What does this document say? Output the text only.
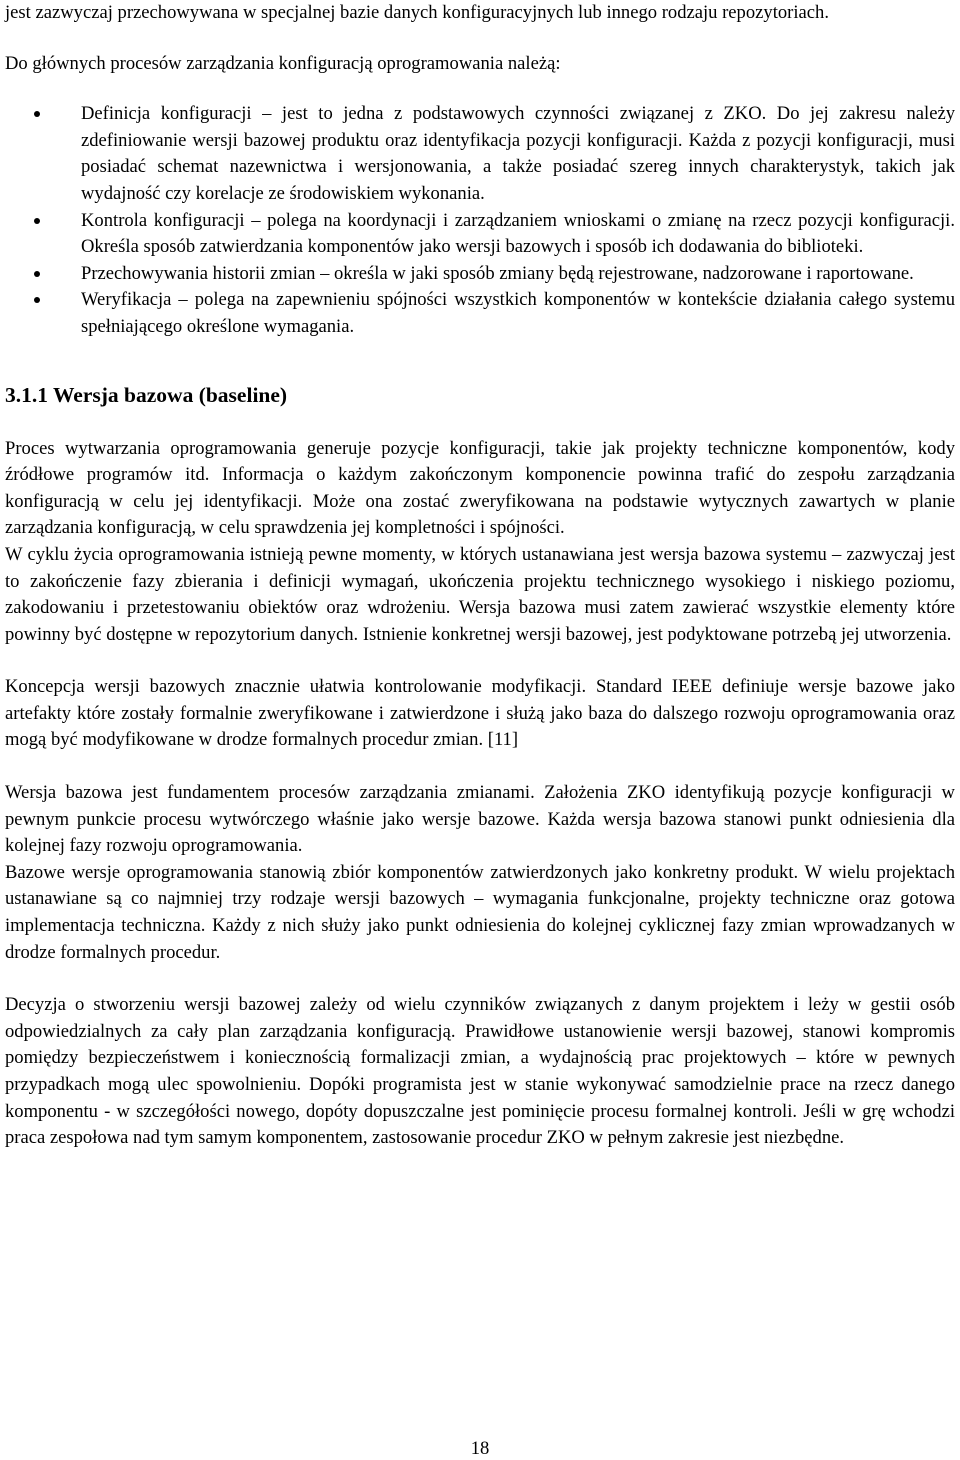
jest zazwyczaj przechowywana w specjalnej bazie danych konfiguracyjnych lub innego rodzaju repozytoriach.

Do głównych procesów zarządzania konfiguracją oprogramowania należą:

Definicja konfiguracji – jest to jedna z podstawowych czynności związanej z ZKO. Do jej zakresu należy zdefiniowanie wersji bazowej produktu oraz identyfikacja pozycji konfiguracji. Każda z pozycji konfiguracji, musi posiadać schemat nazewnictwa i wersjonowania, a także posiadać szereg innych charakterystyk, takich jak wydajność czy korelacje ze środowiskiem wykonania.
Kontrola konfiguracji – polega na koordynacji i zarządzaniem wnioskami o zmianę na rzecz pozycji konfiguracji. Określa sposób zatwierdzania komponentów jako wersji bazowych i sposób ich dodawania do biblioteki.
Przechowywania historii zmian – określa w jaki sposób zmiany będą rejestrowane, nadzorowane i raportowane.
Weryfikacja – polega na zapewnieniu spójności wszystkich komponentów w kontekście działania całego systemu spełniającego określone wymagania.
3.1.1 Wersja bazowa (baseline)

Proces wytwarzania oprogramowania generuje pozycje konfiguracji, takie jak projekty techniczne komponentów, kody źródłowe programów itd. Informacja o każdym zakończonym komponencie powinna trafić do zespołu zarządzania konfiguracją w celu jej identyfikacji. Może ona zostać zweryfikowana na podstawie wytycznych zawartych w planie zarządzania konfiguracją, w celu sprawdzenia jej kompletności i spójności.

W cyklu życia oprogramowania istnieją pewne momenty, w których ustanawiana jest wersja bazowa systemu – zazwyczaj jest to zakończenie fazy zbierania i definicji wymagań, ukończenia projektu technicznego wysokiego i niskiego poziomu, zakodowaniu i przetestowaniu obiektów oraz wdrożeniu. Wersja bazowa musi zatem zawierać wszystkie elementy które powinny być dostępne w repozytorium danych. Istnienie konkretnej wersji bazowej, jest podyktowane potrzebą jej utworzenia.

Koncepcja wersji bazowych znacznie ułatwia kontrolowanie modyfikacji. Standard IEEE definiuje wersje bazowe jako artefakty które zostały formalnie zweryfikowane i zatwierdzone i służą jako baza do dalszego rozwoju oprogramowania oraz mogą być modyfikowane w drodze formalnych procedur zmian. [11]

Wersja bazowa jest fundamentem procesów zarządzania zmianami. Założenia ZKO identyfikują pozycje konfiguracji w pewnym punkcie procesu wytwórczego właśnie jako wersje bazowe. Każda wersja bazowa stanowi punkt odniesienia dla kolejnej fazy rozwoju oprogramowania.

Bazowe wersje oprogramowania stanowią zbiór komponentów zatwierdzonych jako konkretny produkt. W wielu projektach ustanawiane są co najmniej trzy rodzaje wersji bazowych – wymagania funkcjonalne, projekty techniczne oraz gotowa implementacja techniczna. Każdy z nich służy jako punkt odniesienia do kolejnej cyklicznej fazy zmian wprowadzanych w drodze formalnych procedur.

Decyzja o stworzeniu wersji bazowej zależy od wielu czynników związanych z danym projektem i leży w gestii osób odpowiedzialnych za cały plan zarządzania konfiguracją. Prawidłowe ustanowienie wersji bazowej, stanowi kompromis pomiędzy bezpieczeństwem i koniecznością formalizacji zmian, a wydajnością prac projektowych – które w pewnych przypadkach mogą ulec spowolnieniu. Dopóki programista jest w stanie wykonywać samodzielnie prace na rzecz danego komponentu - w szczegółości nowego, dopóty dopuszczalne jest pominięcie procesu formalnej kontroli. Jeśli w grę wchodzi praca zespołowa nad tym samym komponentem, zastosowanie procedur ZKO w pełnym zakresie jest niezbędne.

18
